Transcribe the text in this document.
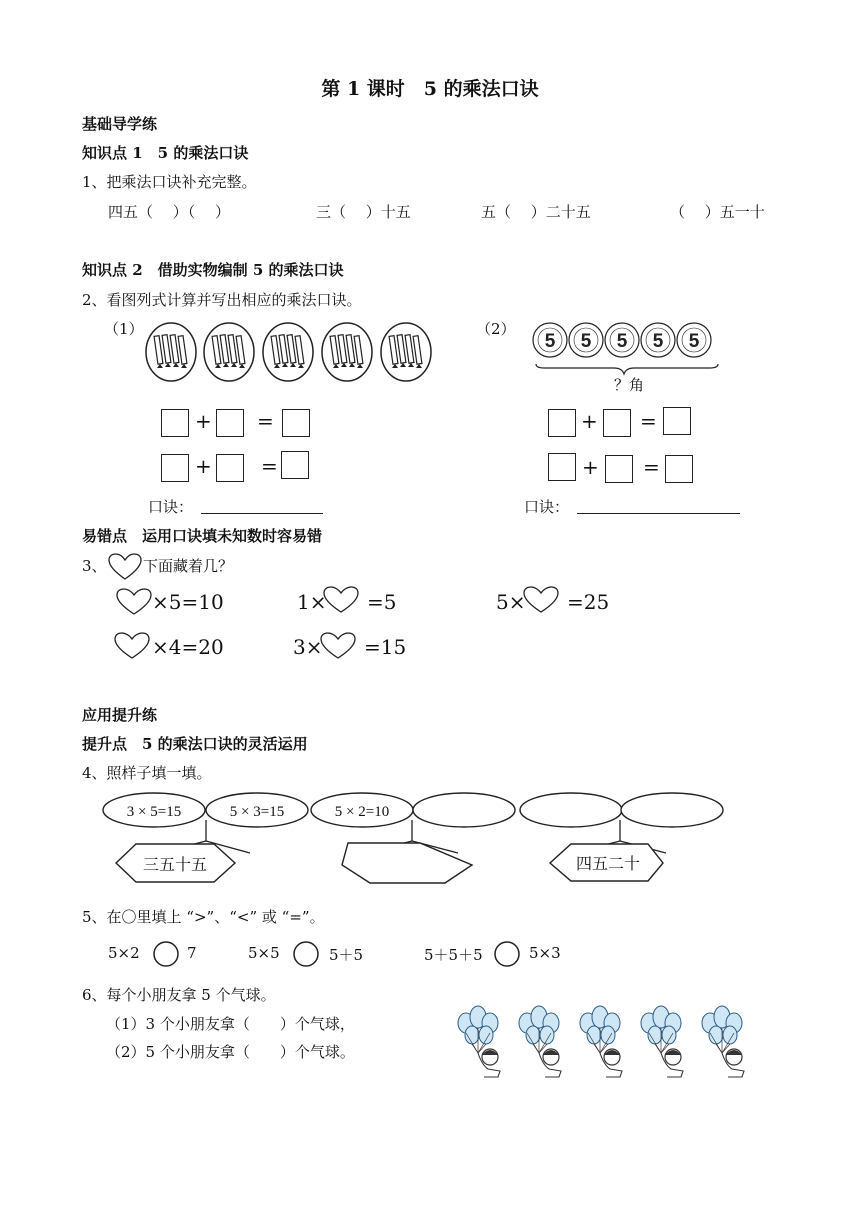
第 1 课时　5 的乘法口诀
基础导学练
知识点 1　5 的乘法口诀
1、把乘法口诀补充完整。
四五（　 ）（　 ）	三（　 ）十五	五（　 ）二十五	（　 ）五一十
知识点 2　借助实物编制 5 的乘法口诀
2、看图列式计算并写出相应的乘法口诀。
（1）	（2）
5
？角
+ =
+ =
口诀：
+ =
+ =
口诀：
易错点　运用口诀填未知数时容易错
3、 下面藏着几？
×5=10	1× =5	5× =25
×4=20	3× =15
应用提升练
提升点　5 的乘法口诀的灵活运用
4、照样子填一填。
3 × 5=15	5 × 3=15	5 × 2=10
三五十五	四五二十
5、在〇里填上 “>”、“<” 或 “=”。
5×2	7	5×5	5＋5	5＋5＋5	5×3
6、每个小朋友拿 5 个气球。
（1）3 个小朋友拿（　　）个气球，
（2）5 个小朋友拿（　　）个气球。
